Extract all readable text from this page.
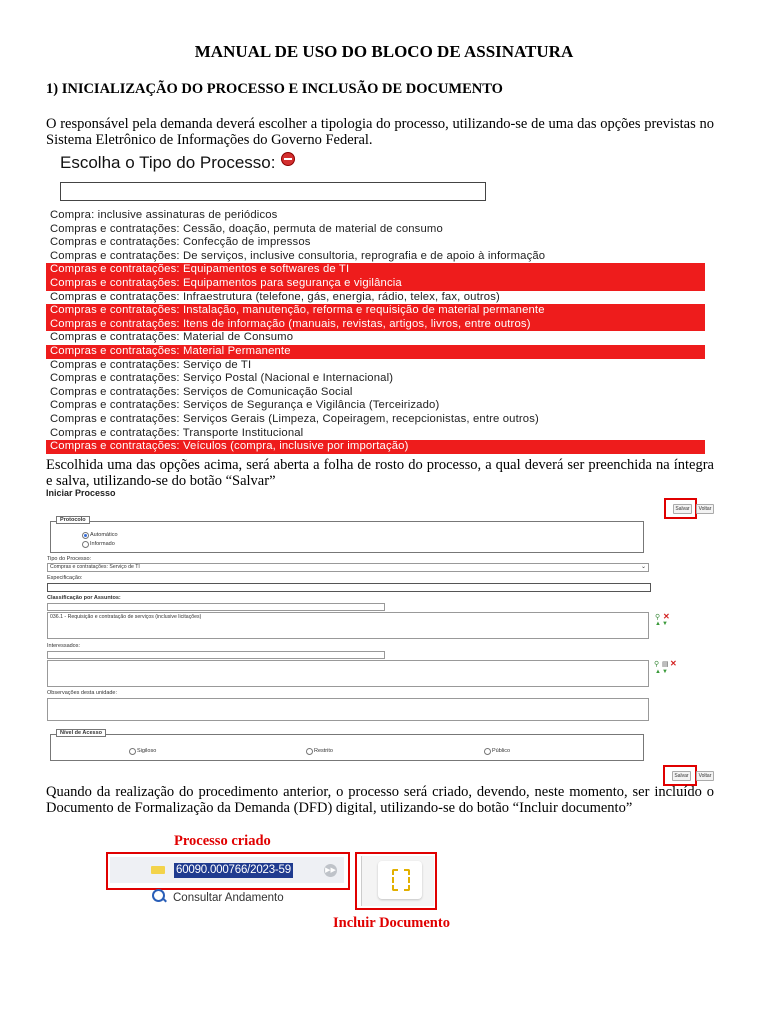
MANUAL DE USO DO BLOCO DE ASSINATURA
1) INICIALIZAÇÃO DO PROCESSO E INCLUSÃO DE DOCUMENTO
O responsável pela demanda deverá escolher a tipologia do processo, utilizando-se de uma das opções previstas no Sistema Eletrônico de Informações do Governo Federal.
Escolha o Tipo do Processo:
Compra: inclusive assinaturas de periódicos
Compras e contratações: Cessão, doação, permuta de material de consumo
Compras e contratações: Confecção de impressos
Compras e contratações: De serviços, inclusive consultoria, reprografia e de apoio à informação
Compras e contratações: Equipamentos e softwares de TI
Compras e contratações: Equipamentos para segurança e vigilância
Compras e contratações: Infraestrutura (telefone, gás, energia, rádio, telex, fax, outros)
Compras e contratações: Instalação, manutenção, reforma e requisição de material permanente
Compras e contratações: Itens de informação (manuais, revistas, artigos, livros, entre outros)
Compras e contratações: Material de Consumo
Compras e contratações: Material Permanente
Compras e contratações: Serviço de TI
Compras e contratações: Serviço Postal (Nacional e Internacional)
Compras e contratações: Serviços de Comunicação Social
Compras e contratações: Serviços de Segurança e Vigilância (Terceirizado)
Compras e contratações: Serviços Gerais (Limpeza, Copeiragem, recepcionistas, entre outros)
Compras e contratações: Transporte Institucional
Compras e contratações: Veículos (compra, inclusive por importação)
Escolhida uma das opções acima, será aberta a folha de rosto do processo, a qual deverá ser preenchida na íntegra e salva, utilizando-se do botão “Salvar”
Iniciar Processo
Salvar	Voltar
Protocolo
Automático
Informado
Tipo do Processo:
Compras e contratações: Serviço de TI	⌄
Especificação:
Classificação por Assuntos:
036.1 - Requisição e contratação de serviços (inclusive licitações)	⚲ ✕
▲ ▼
Interessados:
⚲ ▤ ✕
▲ ▼
Observações desta unidade:
Nível de Acesso
Sigiloso	Restrito	Público
Salvar	Voltar
Quando da realização do procedimento anterior, o processo será criado, devendo, neste momento, ser incluído o Documento de Formalização da Demanda (DFD) digital, utilizando-se do botão “Incluir documento”
Processo criado
60090.000766/2023-59	▶▶
Consultar Andamento
Incluir Documento
